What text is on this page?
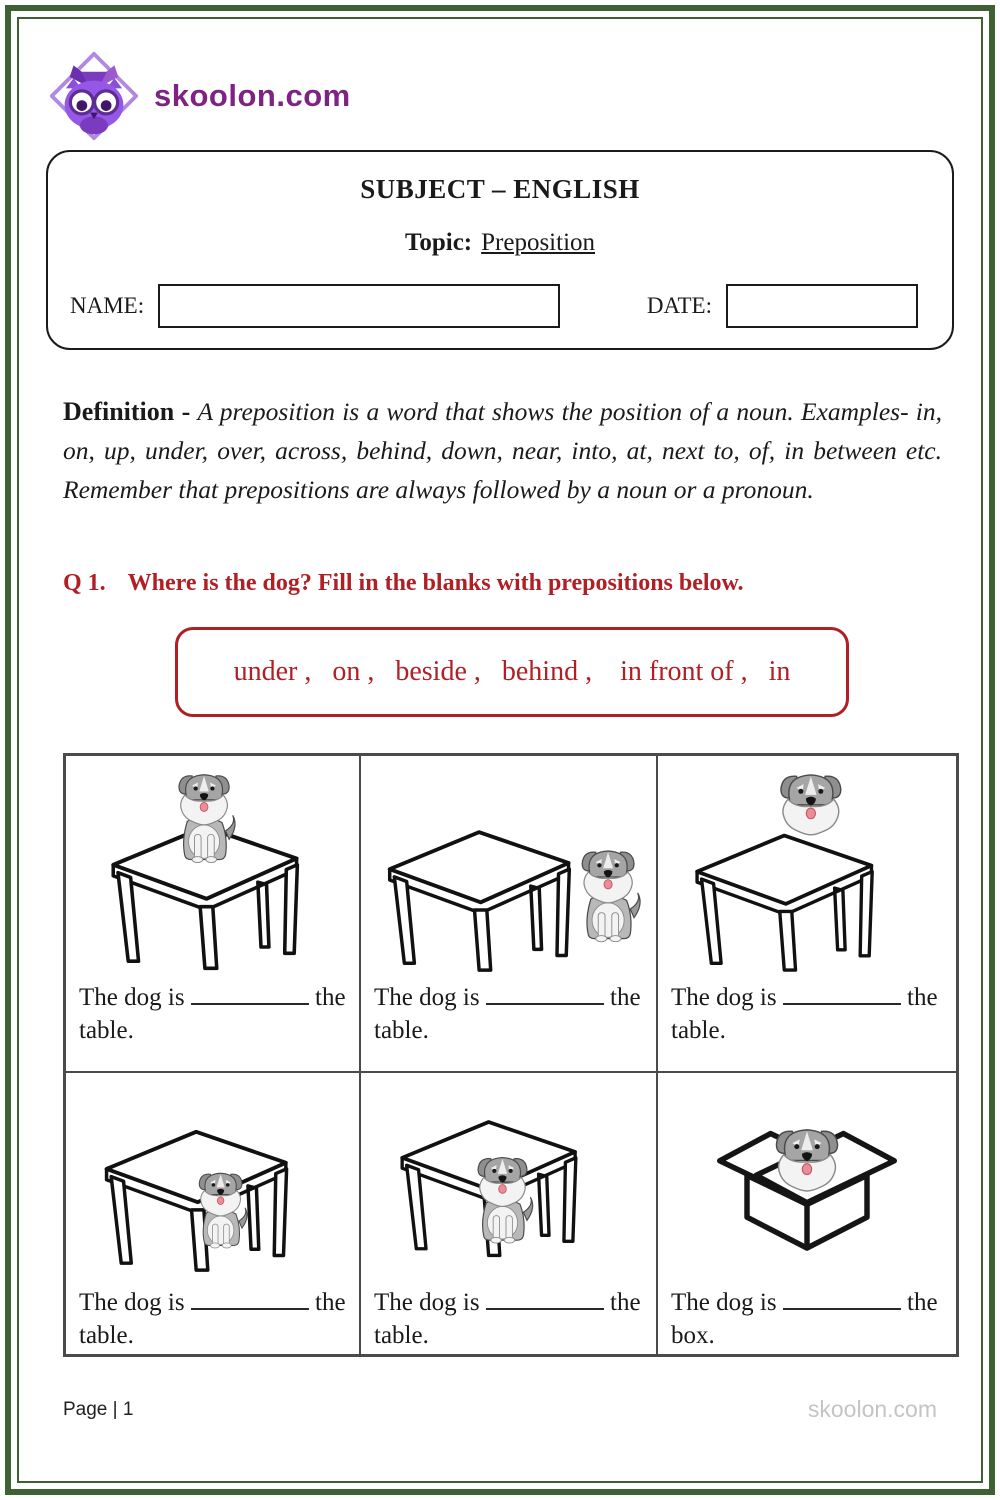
skoolon.com
SUBJECT – ENGLISH
Topic: Preposition
NAME:	DATE:
Definition - A preposition is a word that shows the position of a noun. Examples- in, on, up, under, over, across, behind, down, near, into, at, next to, of, in between etc. Remember that prepositions are always followed by a noun or a pronoun.
Q 1. Where is the dog? Fill in the blanks with prepositions below.
under ,   on ,   beside ,   behind ,    in front of ,   in
The dog is	the table.
The dog is	the table.
The dog is	the table.
The dog is	the table.
The dog is	the table.
The dog is	the box.
Page | 1	skoolon.com
